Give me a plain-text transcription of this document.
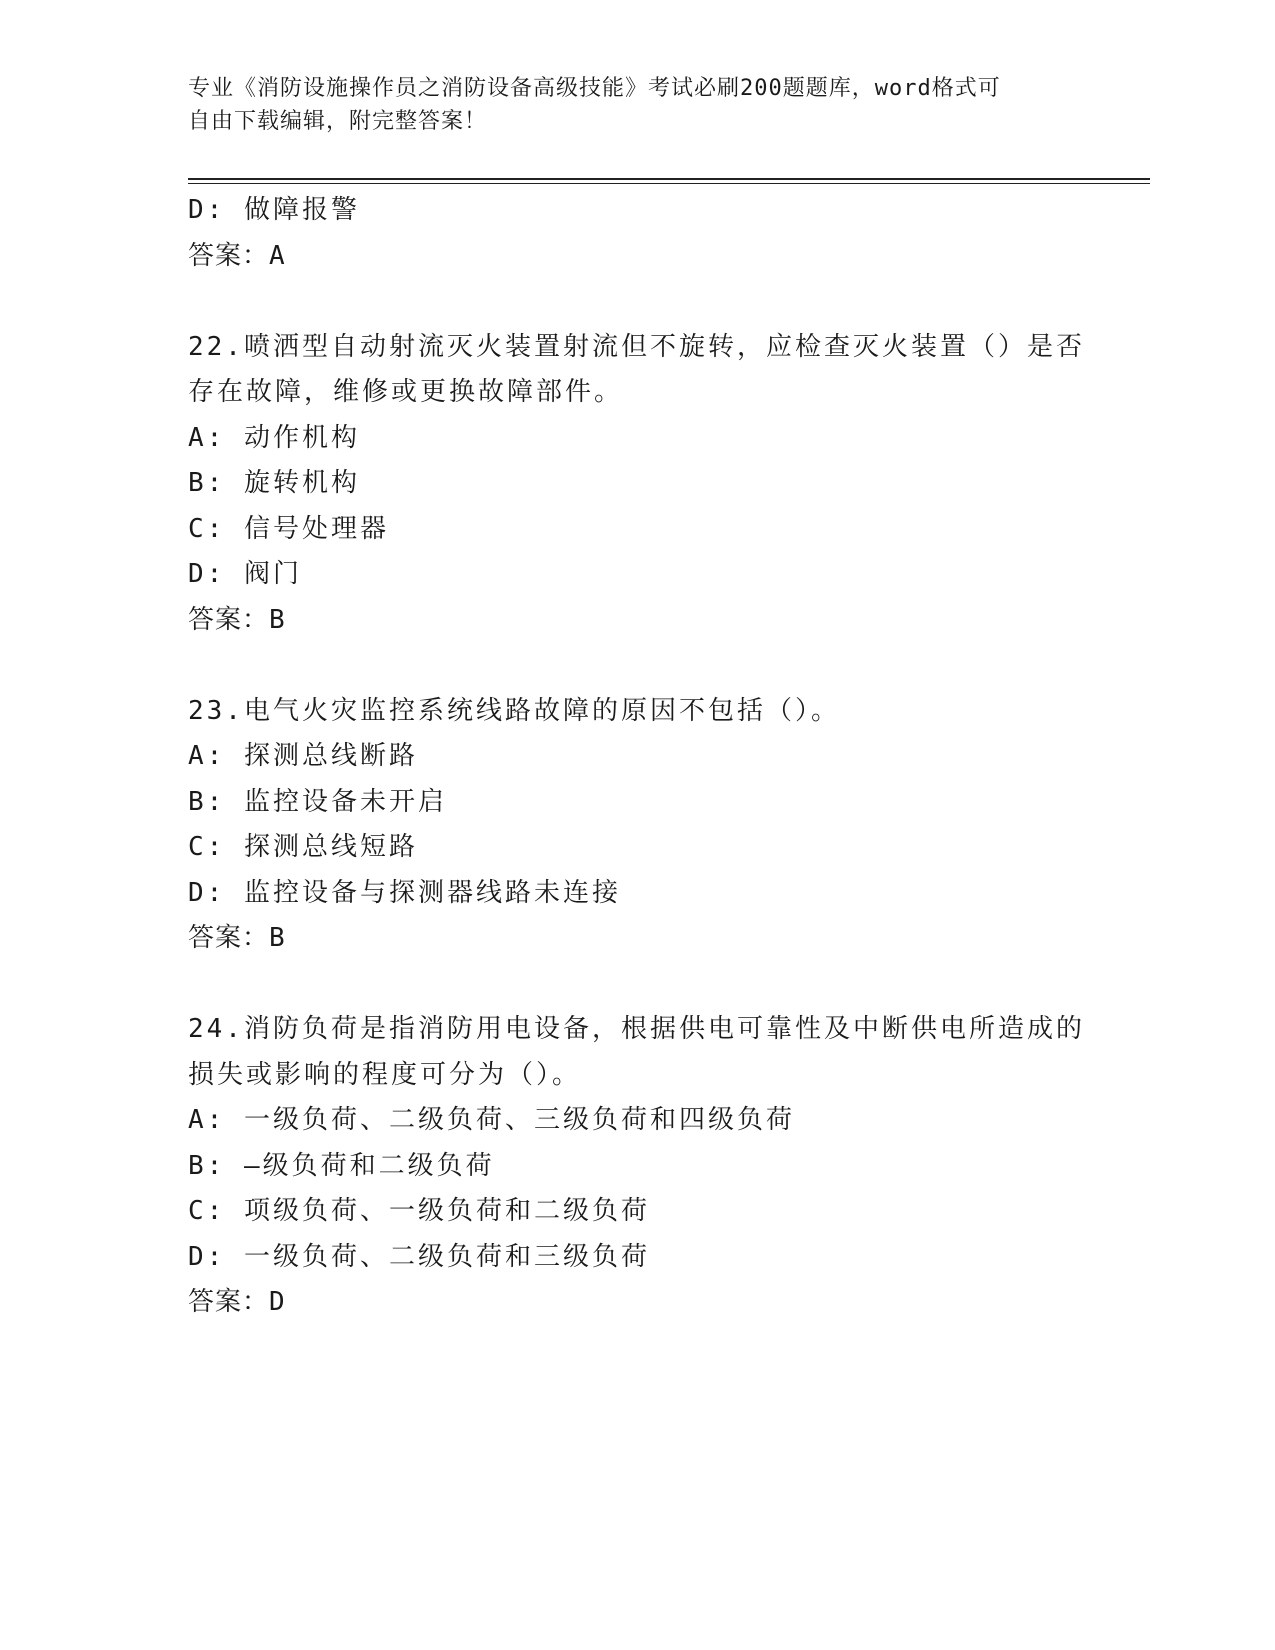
专业《消防设施操作员之消防设备高级技能》考试必刷200题题库，word格式可
自由下载编辑，附完整答案！
D: 做障报警
答案：A
22.喷洒型自动射流灭火装置射流但不旋转，应检查灭火装置（）是否
存在故障，维修或更换故障部件。
A: 动作机构
B: 旋转机构
C: 信号处理器
D: 阀门
答案：B
23.电气火灾监控系统线路故障的原因不包括（）。
A: 探测总线断路
B: 监控设备未开启
C: 探测总线短路
D: 监控设备与探测器线路未连接
答案：B
24.消防负荷是指消防用电设备，根据供电可靠性及中断供电所造成的
损失或影响的程度可分为（）。
A: 一级负荷、二级负荷、三级负荷和四级负荷
B: —级负荷和二级负荷
C: 项级负荷、一级负荷和二级负荷
D: 一级负荷、二级负荷和三级负荷
答案：D
